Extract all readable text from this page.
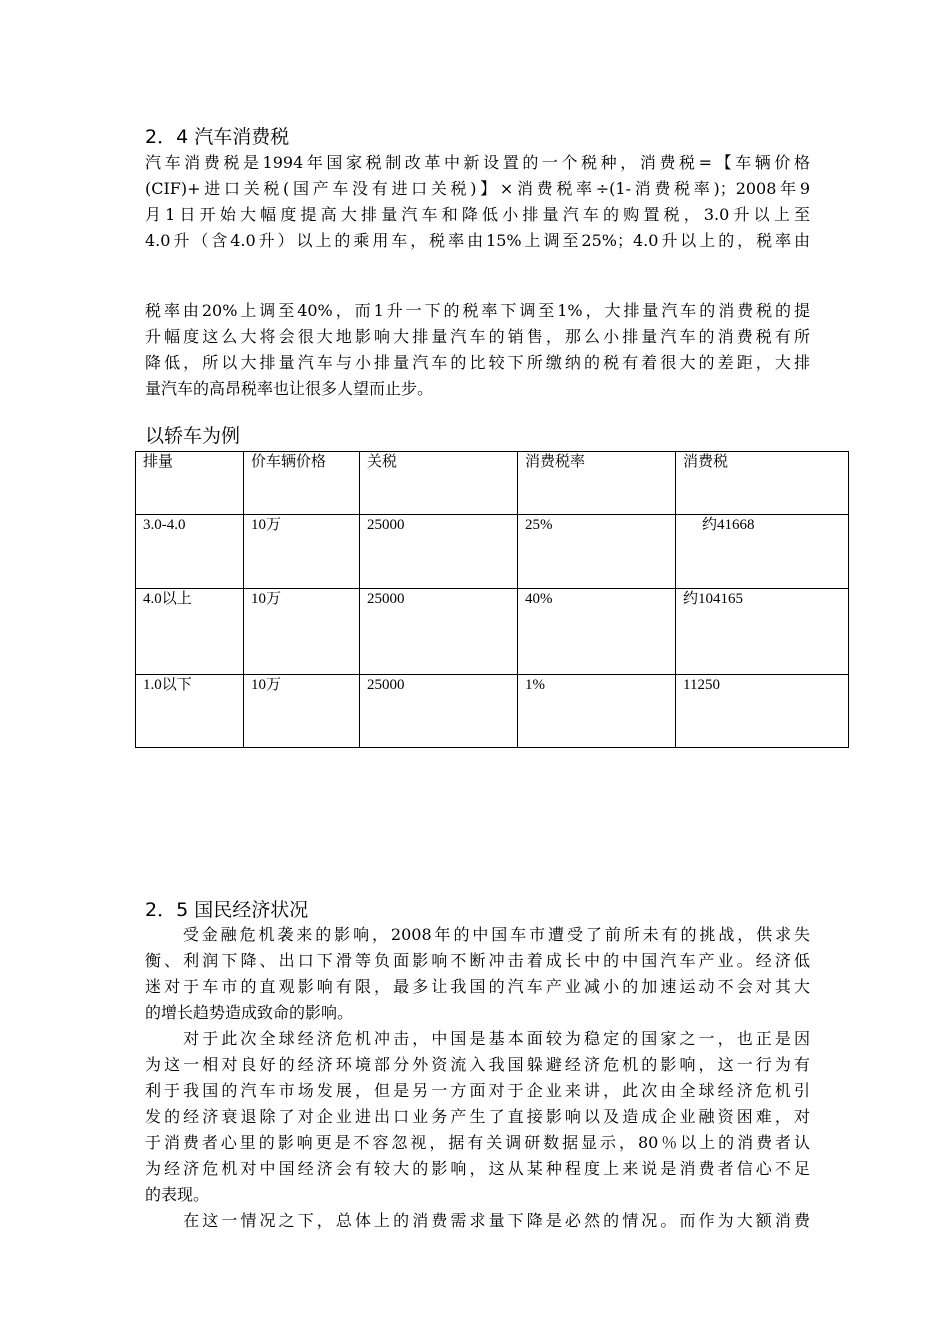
2．4 汽车消费税
汽车消费税是1994年国家税制改革中新设置的一个税种，消费税=【车辆价格
(CIF)+进口关税(国产车没有进口关税)】×消费税率÷(1-消费税率)；2008年9
月1日开始大幅度提高大排量汽车和降低小排量汽车的购置税，3.0升以上至
4.0升（含4.0升）以上的乘用车，税率由15%上调至25%；4.0升以上的，税率由
税率由20%上调至40%，而1升一下的税率下调至1%，大排量汽车的消费税的提
升幅度这么大将会很大地影响大排量汽车的销售，那么小排量汽车的消费税有所
降低，所以大排量汽车与小排量汽车的比较下所缴纳的税有着很大的差距，大排
量汽车的高昂税率也让很多人望而止步。
以轿车为例
排量	价车辆价格	关税	消费税率	消费税

3.0-4.0	10万	25000	25%	约41668
4.0以上	10万	25000	40%	约104165
1.0以下	10万	25000	1%	11250
2．5 国民经济状况
　　受金融危机袭来的影响，2008年的中国车市遭受了前所未有的挑战，供求失
衡、利润下降、出口下滑等负面影响不断冲击着成长中的中国汽车产业。经济低
迷对于车市的直观影响有限，最多让我国的汽车产业减小的加速运动不会对其大
的增长趋势造成致命的影响。
　　对于此次全球经济危机冲击，中国是基本面较为稳定的国家之一，也正是因
为这一相对良好的经济环境部分外资流入我国躲避经济危机的影响，这一行为有
利于我国的汽车市场发展，但是另一方面对于企业来讲，此次由全球经济危机引
发的经济衰退除了对企业进出口业务产生了直接影响以及造成企业融资困难，对
于消费者心里的影响更是不容忽视，据有关调研数据显示，80％以上的消费者认
为经济危机对中国经济会有较大的影响，这从某种程度上来说是消费者信心不足
的表现。
　　在这一情况之下，总体上的消费需求量下降是必然的情况。而作为大额消费
